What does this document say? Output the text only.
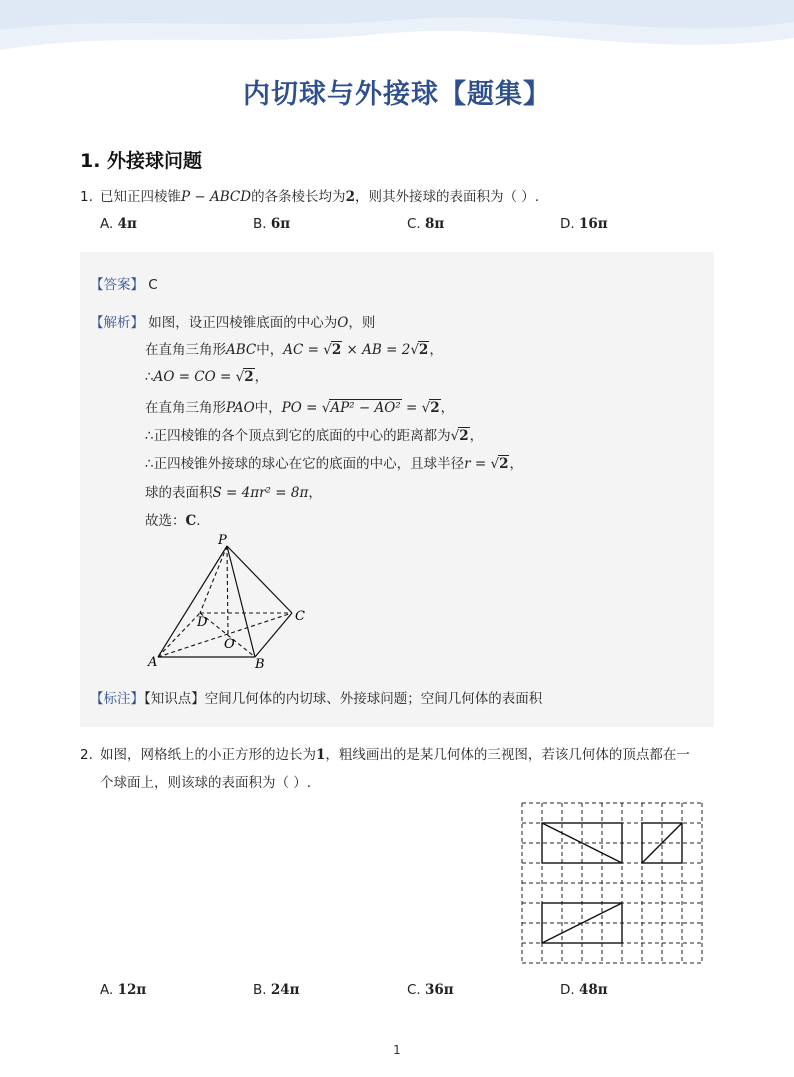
内切球与外接球【题集】
1. 外接球问题
1. 已知正四棱锥P − ABCD的各条棱长均为2，则其外接球的表面积为（ ）.
A. 4π	B. 6π	C. 8π	D. 16π
【答案】 C
【解析】 如图，设正四棱锥底面的中心为O，则
在直角三角形ABC中，AC = √2 × AB = 2√2，
∴AO = CO = √2，
在直角三角形PAO中，PO = √AP² − AO² = √2，
∴正四棱锥的各个顶点到它的底面的中心的距离都为√2，
∴正四棱锥外接球的球心在它的底面的中心，且球半径r = √2，
球的表面积S = 4πr² = 8π，
故选：C.
P
A	B
C
D
O
【标注】【知识点】空间几何体的内切球、外接球问题；空间几何体的表面积
2. 如图，网格纸上的小正方形的边长为1，粗线画出的是某几何体的三视图，若该几何体的顶点都在一
个球面上，则该球的表面积为（ ）.
A. 12π	B. 24π	C. 36π	D. 48π
1
